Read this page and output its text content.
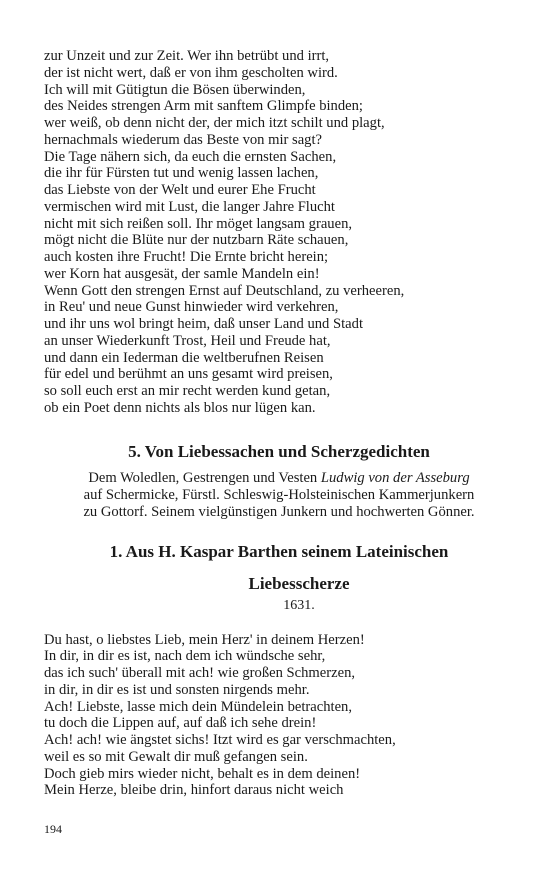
zur Unzeit und zur Zeit. Wer ihn betrübt und irrt,
der ist nicht wert, daß er von ihm gescholten wird.
Ich will mit Gütigtun die Bösen überwinden,
des Neides strengen Arm mit sanftem Glimpfe binden;
wer weiß, ob denn nicht der, der mich itzt schilt und plagt,
hernachmals wiederum das Beste von mir sagt?
Die Tage nähern sich, da euch die ernsten Sachen,
die ihr für Fürsten tut und wenig lassen lachen,
das Liebste von der Welt und eurer Ehe Frucht
vermischen wird mit Lust, die langer Jahre Flucht
nicht mit sich reißen soll. Ihr möget langsam grauen,
mögt nicht die Blüte nur der nutzbarn Räte schauen,
auch kosten ihre Frucht! Die Ernte bricht herein;
wer Korn hat ausgesät, der samle Mandeln ein!
Wenn Gott den strengen Ernst auf Deutschland, zu verheeren,
in Reu' und neue Gunst hinwieder wird verkehren,
und ihr uns wol bringt heim, daß unser Land und Stadt
an unser Wiederkunft Trost, Heil und Freude hat,
und dann ein Iederman die weltberufnen Reisen
für edel und berühmt an uns gesamt wird preisen,
so soll euch erst an mir recht werden kund getan,
ob ein Poet denn nichts als blos nur lügen kan.
5. Von Liebessachen und Scherzgedichten
Dem Woledlen, Gestrengen und Vesten Ludwig von der Asseburg
auf Schermicke, Fürstl. Schleswig-Holsteinischen Kammerjunkern
zu Gottorf. Seinem vielgünstigen Junkern und hochwerten Gönner.
1. Aus H. Kaspar Barthen seinem Lateinischen
Liebesscherze
1631.
Du hast, o liebstes Lieb, mein Herz' in deinem Herzen!
In dir, in dir es ist, nach dem ich wündsche sehr,
das ich such' überall mit ach! wie großen Schmerzen,
in dir, in dir es ist und sonsten nirgends mehr.
Ach! Liebste, lasse mich dein Mündelein betrachten,
tu doch die Lippen auf, auf daß ich sehe drein!
Ach! ach! wie ängstet sichs! Itzt wird es gar verschmachten,
weil es so mit Gewalt dir muß gefangen sein.
Doch gieb mirs wieder nicht, behalt es in dem deinen!
Mein Herze, bleibe drin, hinfort daraus nicht weich
194
